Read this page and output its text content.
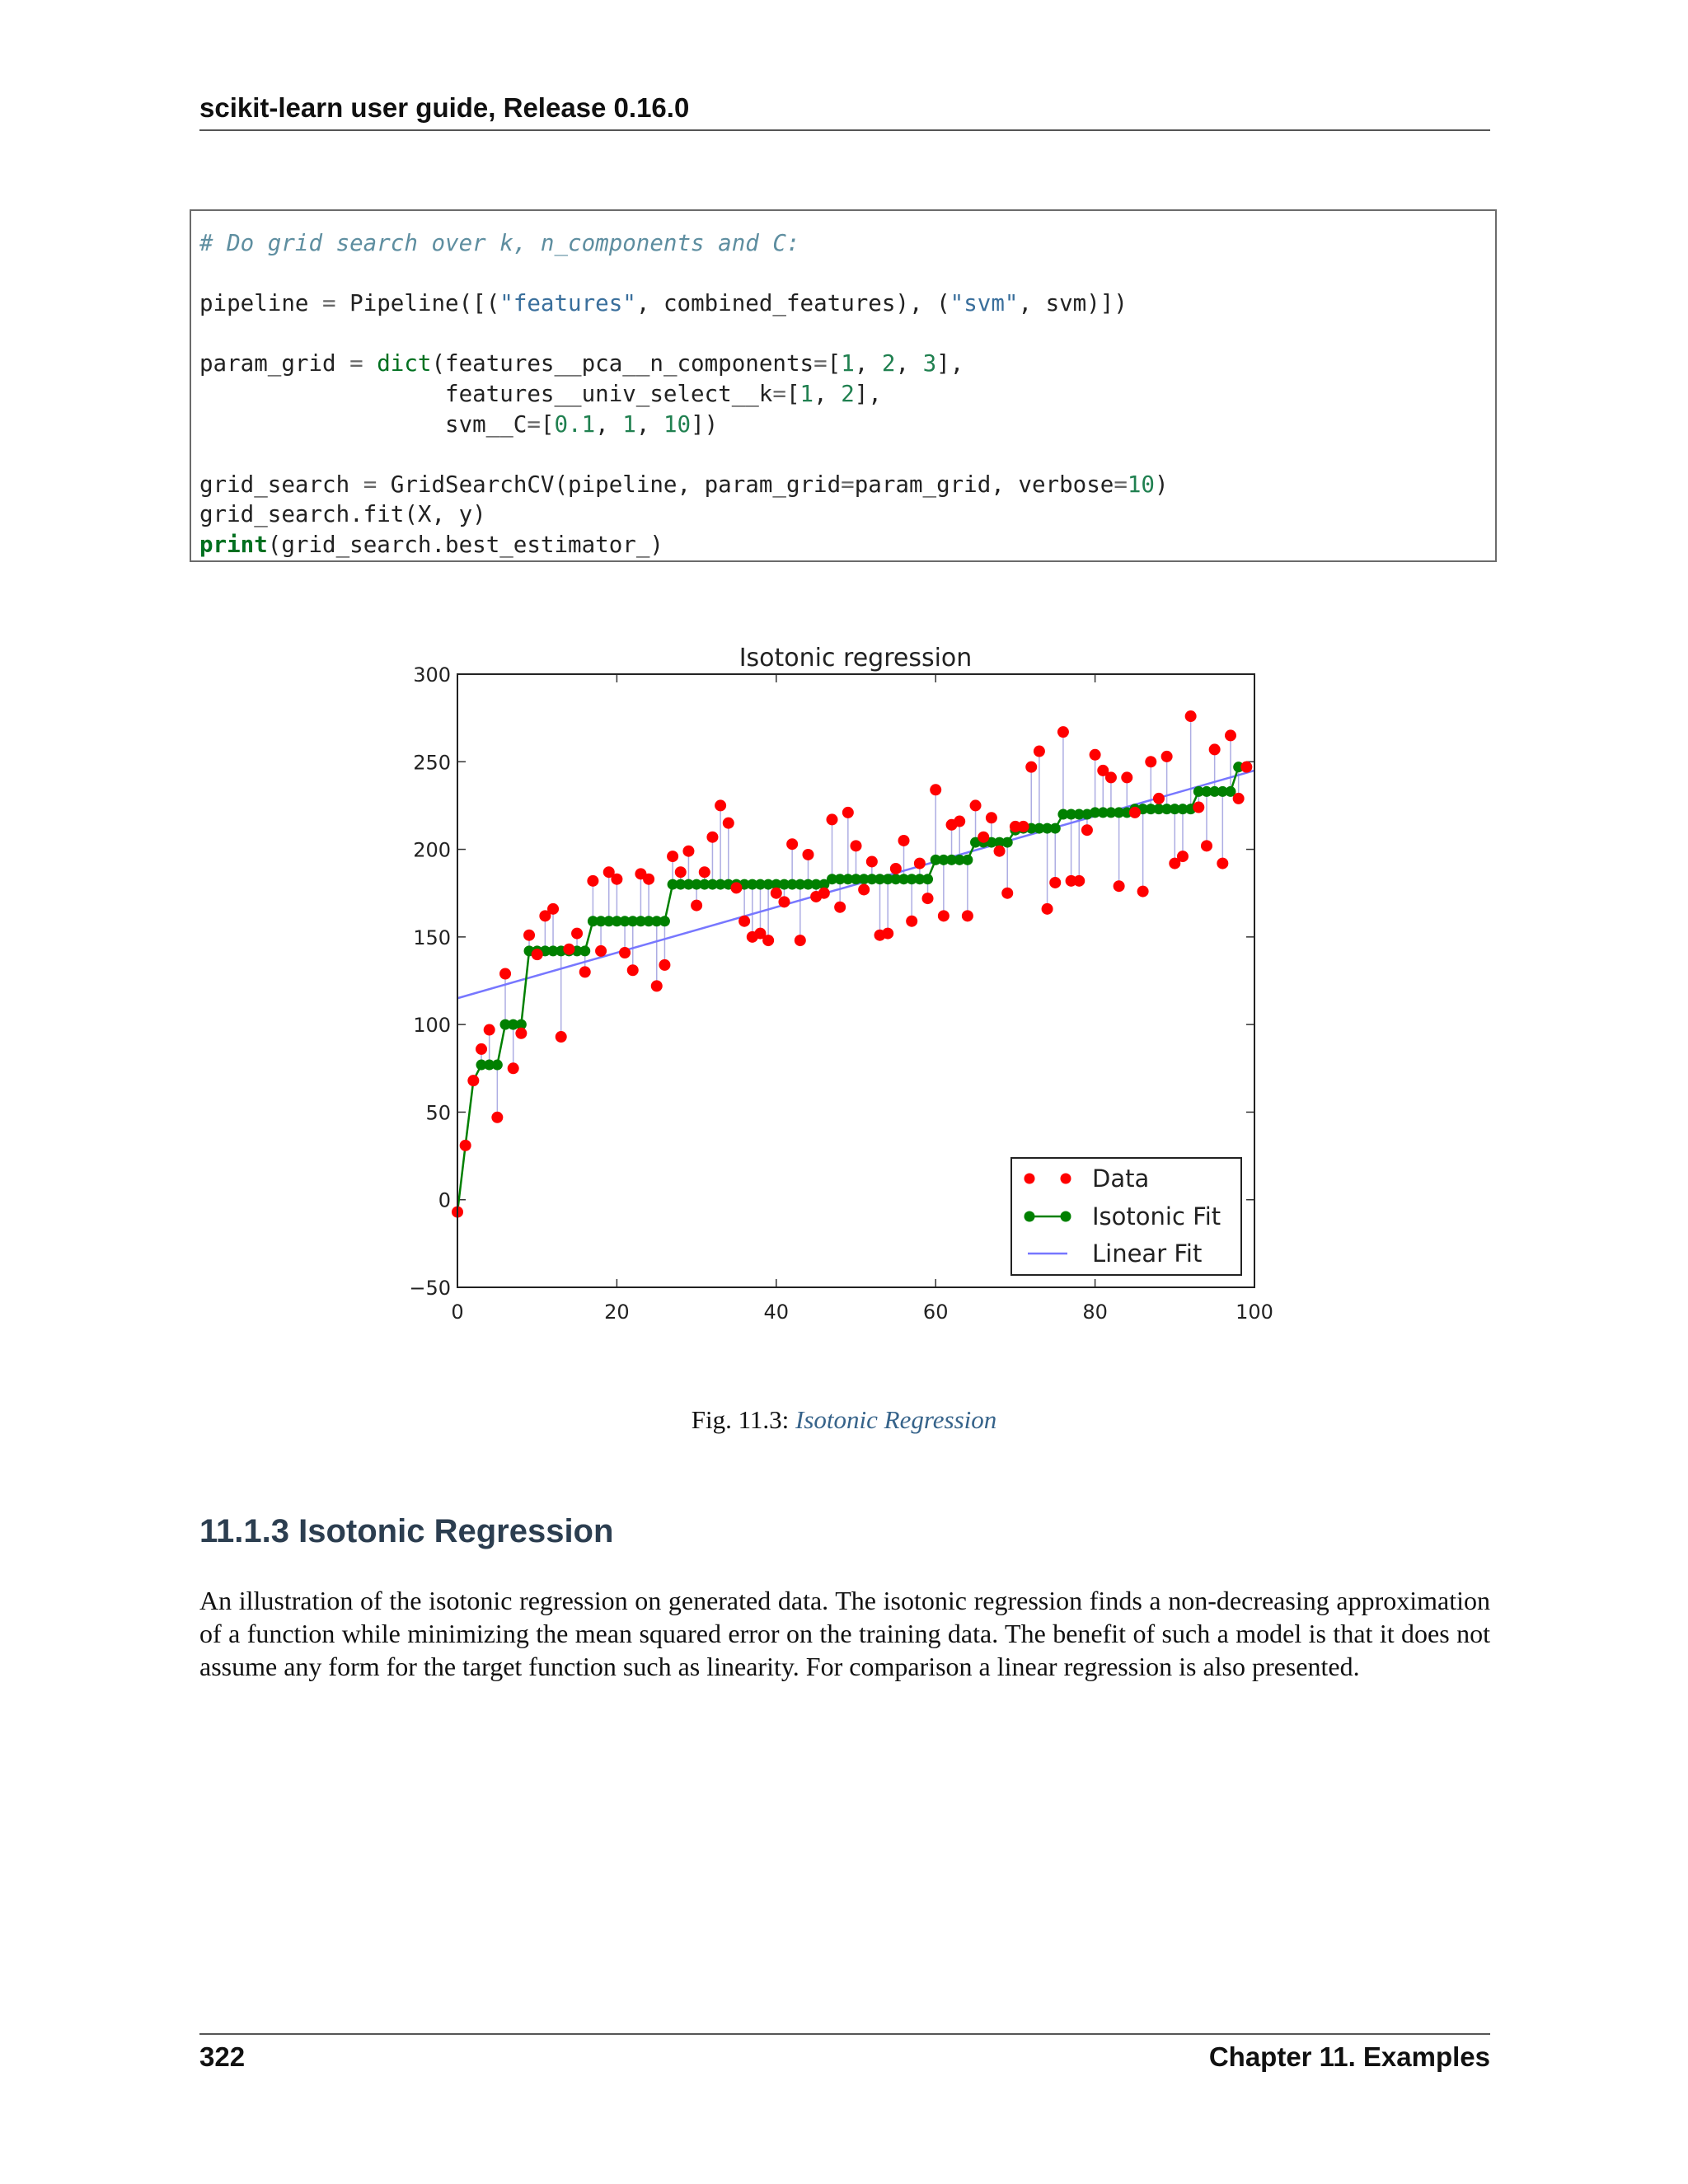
scikit-learn user guide, Release 0.16.0
# Do grid search over k, n_components and C:

pipeline = Pipeline([("features", combined_features), ("svm", svm)])

param_grid = dict(features__pca__n_components=[1, 2, 3],
features__univ_select__k=[1, 2],
svm__C=[0.1, 1, 10])

grid_search = GridSearchCV(pipeline, param_grid=param_grid, verbose=10)
grid_search.fit(X, y)
print(grid_search.best_estimator_)

Isotonic regression
0	20	40	60	80	100
−50
0
50
100
150
200
250
300
Data
Isotonic Fit
Linear Fit
Fig. 11.3: Isotonic Regression
11.1.3 Isotonic Regression

An illustration of the isotonic regression on generated data. The isotonic regression finds a non-decreasing approximation of a function while minimizing the mean squared error on the training data. The benefit of such a model is that it does not assume any form for the target function such as linearity. For comparison a linear regression is also presented.

322	Chapter 11. Examples
